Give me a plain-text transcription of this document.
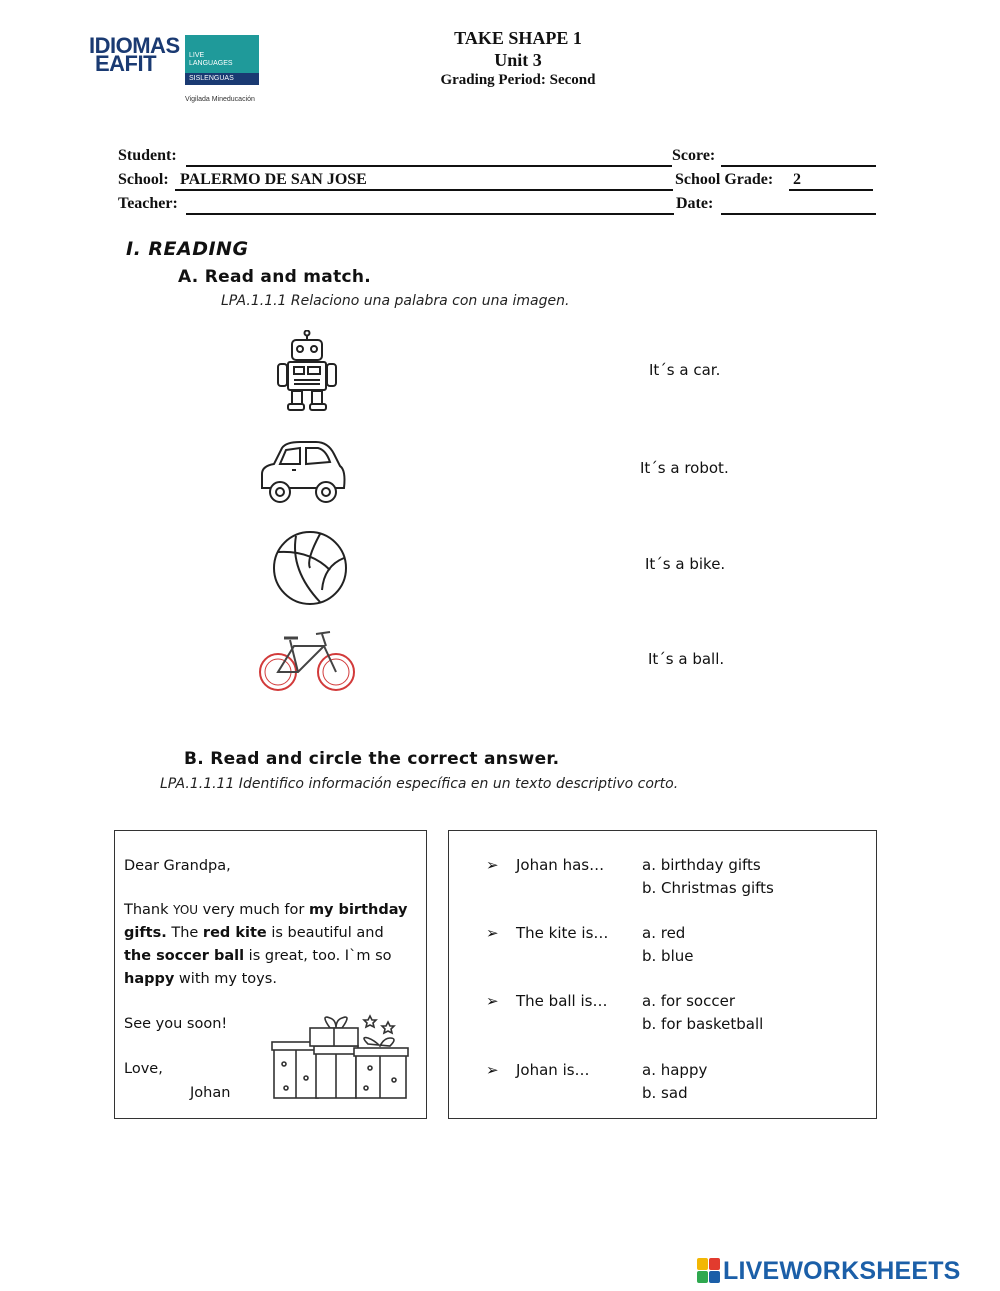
IDIOMAS
EAFIT	LIVE
LANGUAGES
SISLENGUAS
Vigilada Mineducación
TAKE SHAPE 1
Unit 3
Grading Period: Second
Student:	Score:
School: PALERMO DE SAN JOSE	School Grade: 2
Teacher:	Date:
I. READING
A. Read and match.
LPA.1.1.1 Relaciono una palabra con una imagen.
It´s a car.
It´s a robot.
It´s a bike.
It´s a ball.
B. Read and circle the correct answer.
LPA.1.1.11 Identifico información específica en un texto descriptivo corto.
Dear Grandpa,
Thank YOU very much for my birthday
gifts. The red kite is beautiful and
the soccer ball is great, too. I`m so
happy with my toys.
See you soon!
Love,
Johan
➢ Johan has…	a. birthday gifts
b. Christmas gifts
➢ The kite is… a. red
b. blue
➢ The ball is… a. for soccer
b. for basketball
➢ Johan is…	a. happy
b. sad
LIVEWORKSHEETS
